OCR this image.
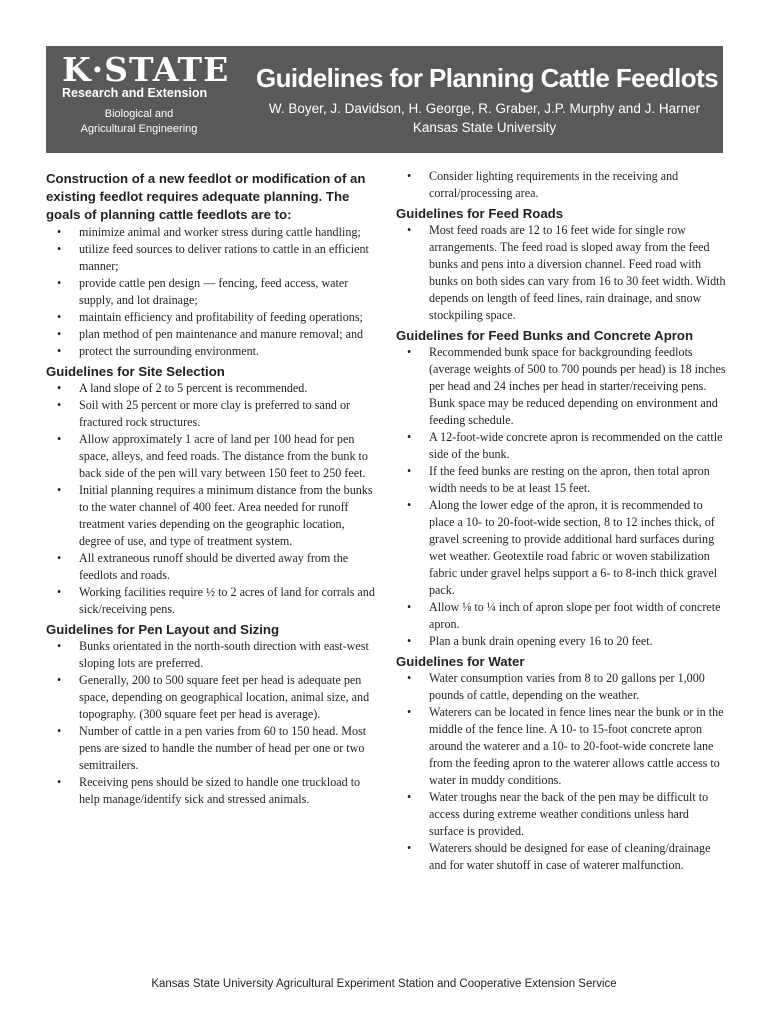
K·STATE
Research and Extension
Biological and
Agricultural Engineering
Guidelines for Planning Cattle Feedlots
W. Boyer, J. Davidson, H. George, R. Graber, J.P. Murphy and J. Harner
Kansas State University

Construction of a new feedlot or modification of an existing feedlot requires adequate planning. The goals of planning cattle feedlots are to:

• minimize animal and worker stress during cattle handling;
• utilize feed sources to deliver rations to cattle in an efficient manner;
• provide cattle pen design — fencing, feed access, water supply, and lot drainage;
• maintain efficiency and profitability of feeding operations;
• plan method of pen maintenance and manure removal; and
• protect the surrounding environment.
Guidelines for Site Selection
• A land slope of 2 to 5 percent is recommended.
• Soil with 25 percent or more clay is preferred to sand or fractured rock structures.
• Allow approximately 1 acre of land per 100 head for pen space, alleys, and feed roads. The distance from the bunk to back side of the pen will vary between 150 feet to 250 feet.
• Initial planning requires a minimum distance from the bunks to the water channel of 400 feet. Area needed for runoff treatment varies depending on the geographic location, degree of use, and type of treatment system.
• All extraneous runoff should be diverted away from the feedlots and roads.
• Working facilities require ½ to 2 acres of land for corrals and sick/receiving pens.
Guidelines for Pen Layout and Sizing
• Bunks orientated in the north-south direction with east-west sloping lots are preferred.
• Generally, 200 to 500 square feet per head is adequate pen space, depending on geographical location, animal size, and topography. (300 square feet per head is average).
• Number of cattle in a pen varies from 60 to 150 head. Most pens are sized to handle the number of head per one or two semitrailers.
• Receiving pens should be sized to handle one truckload to help manage/identify sick and stressed animals.
• Consider lighting requirements in the receiving and corral/processing area.
Guidelines for Feed Roads
• Most feed roads are 12 to 16 feet wide for single row arrangements. The feed road is sloped away from the feed bunks and pens into a diversion channel. Feed road with bunks on both sides can vary from 16 to 30 feet width. Width depends on length of feed lines, rain drainage, and snow stockpiling space.
Guidelines for Feed Bunks and Concrete Apron
• Recommended bunk space for backgrounding feedlots (average weights of 500 to 700 pounds per head) is 18 inches per head and 24 inches per head in starter/receiving pens. Bunk space may be reduced depending on environment and feeding schedule.
• A 12-foot-wide concrete apron is recommended on the cattle side of the bunk.
• If the feed bunks are resting on the apron, then total apron width needs to be at least 15 feet.
• Along the lower edge of the apron, it is recommended to place a 10- to 20-foot-wide section, 8 to 12 inches thick, of gravel screening to provide additional hard surfaces during wet weather. Geotextile road fabric or woven stabilization fabric under gravel helps support a 6- to 8-inch thick gravel pack.
• Allow ⅛ to ¼ inch of apron slope per foot width of concrete apron.
• Plan a bunk drain opening every 16 to 20 feet.
Guidelines for Water
• Water consumption varies from 8 to 20 gallons per 1,000 pounds of cattle, depending on the weather.
• Waterers can be located in fence lines near the bunk or in the middle of the fence line. A 10- to 15-foot concrete apron around the waterer and a 10- to 20-foot-wide concrete lane from the feeding apron to the waterer allows cattle access to water in muddy conditions.
• Water troughs near the back of the pen may be difficult to access during extreme weather conditions unless hard surface is provided.
• Waterers should be designed for ease of cleaning/drainage and for water shutoff in case of waterer malfunction.
Kansas State University Agricultural Experiment Station and Cooperative Extension Service
